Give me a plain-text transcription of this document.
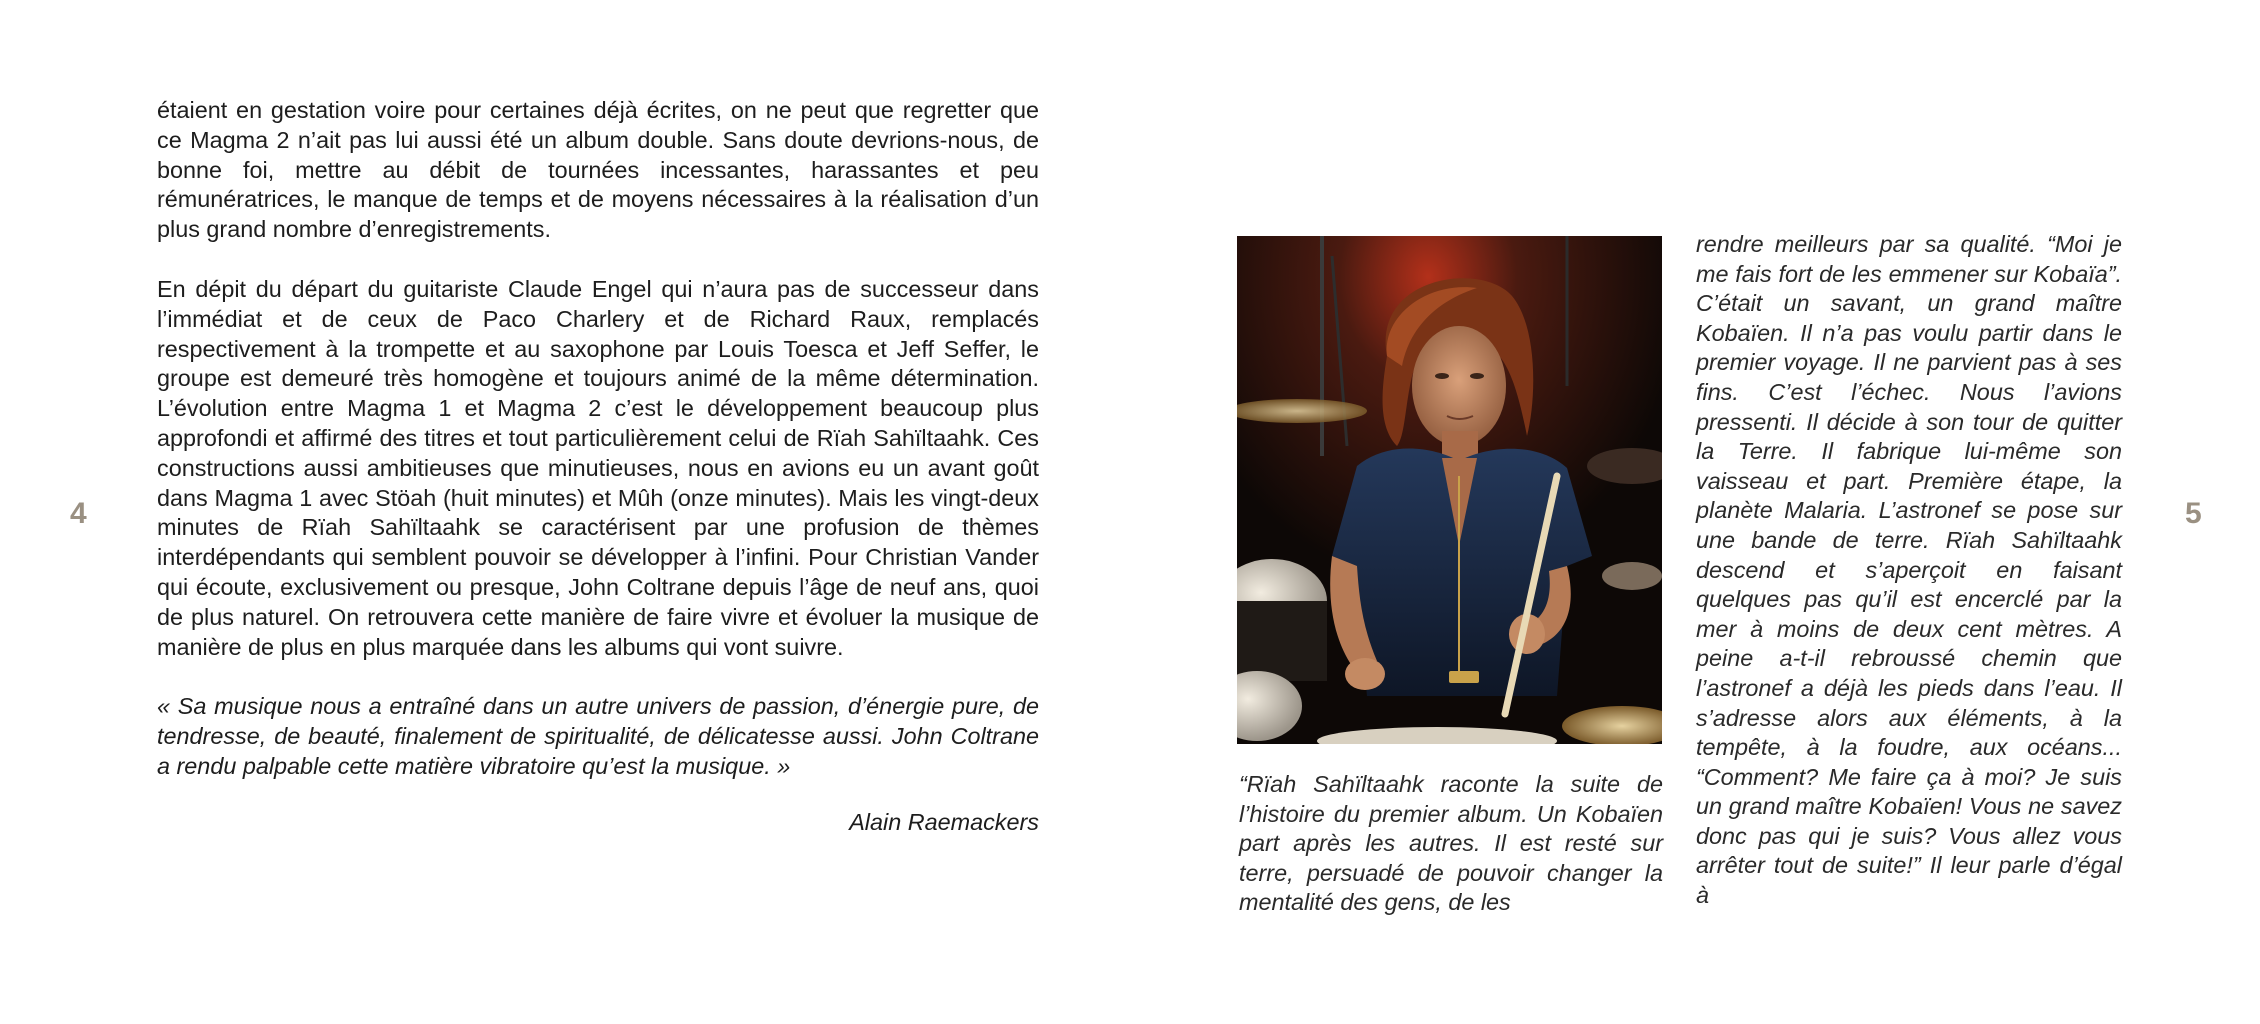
4

étaient en gestation voire pour certaines déjà écrites, on ne peut que regretter que ce Magma 2 n’ait pas lui aussi été un album double. Sans doute devrions-nous, de bonne foi, mettre au débit de tournées incessantes, harassantes et peu rémunératrices, le manque de temps et de moyens nécessaires à la réalisation d’un plus grand nombre d’enregistrements.

En dépit du départ du guitariste Claude Engel qui n’aura pas de successeur dans l’immédiat et de ceux de Paco Charlery et de Richard Raux, remplacés respectivement à la trompette et au saxophone par Louis Toesca et Jeff Seffer, le groupe est demeuré très homogène et toujours animé de la même détermination. L’évolution entre Magma 1 et Magma 2 c’est le développement beaucoup plus approfondi et affirmé des titres et tout particulièrement celui de Rïah Sahïltaahk. Ces constructions aussi ambitieuses que minutieuses, nous en avions eu un avant goût dans Magma 1 avec Stöah (huit minutes) et Mûh (onze minutes). Mais les vingt-deux minutes de Rïah Sahïltaahk se caractérisent par une profusion de thèmes interdépendants qui semblent pouvoir se développer à l’infini. Pour Christian Vander qui écoute, exclusivement ou presque, John Coltrane depuis l’âge de neuf ans, quoi de plus naturel. On retrouvera cette manière de faire vivre et évoluer la musique de manière de plus en plus marquée dans les albums qui vont suivre.

« Sa musique nous a entraîné dans un autre univers de passion, d’énergie pure, de tendresse, de beauté, finalement de spiritualité, de délicatesse aussi. John Coltrane a rendu palpable cette matière vibratoire qu’est la musique. »

Alain Raemackers

5
“Rïah Sahïltaahk raconte la suite de l’histoire du premier album. Un Kobaïen part après les autres. Il est resté sur terre, persuadé de pouvoir changer la mentalité des gens, de les
rendre meilleurs par sa qualité. “Moi je me fais fort de les emmener sur Kobaïa”. C’était un savant, un grand maître Kobaïen. Il n’a pas voulu partir dans le premier voyage. Il ne parvient pas à ses fins. C’est l’échec. Nous l’avions pressenti. Il décide à son tour de quitter la Terre. Il fabrique lui-même son vaisseau et part. Première étape, la planète Malaria. L’astronef se pose sur une bande de terre. Rïah Sahïltaahk descend et s’aperçoit en faisant quelques pas qu’il est encerclé par la mer à moins de deux cent mètres. A peine a-t-il rebroussé chemin que l’astronef a déjà les pieds dans l’eau. Il s’adresse alors aux éléments, à la tempête, à la foudre, aux océans... “Comment? Me faire ça à moi? Je suis un grand maître Kobaïen! Vous ne savez donc pas qui je suis? Vous allez vous arrêter tout de suite!” Il leur parle d’égal à
